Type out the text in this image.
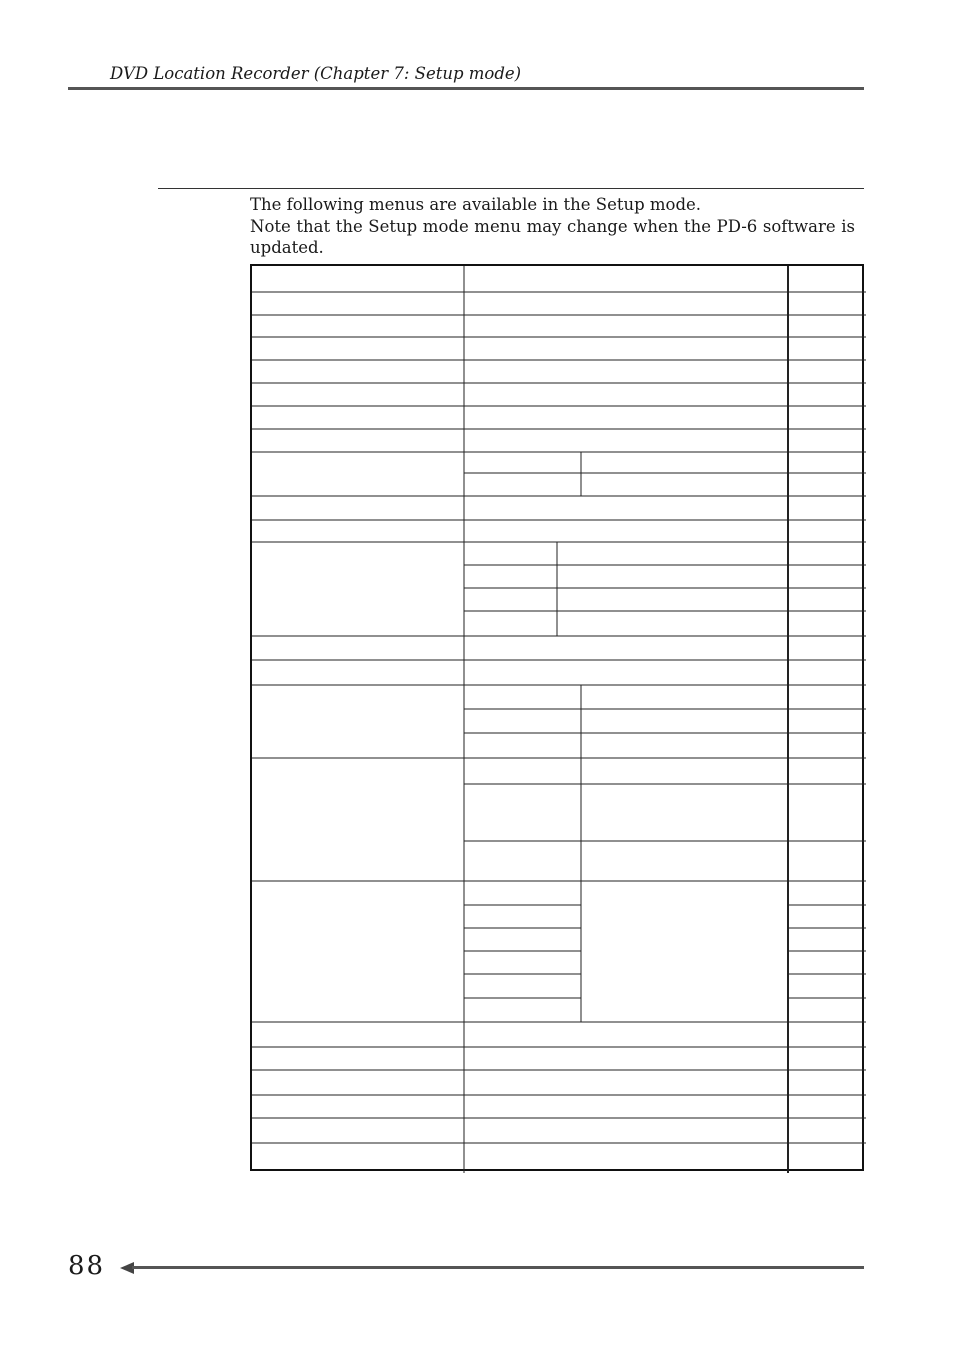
DVD Location Recorder (Chapter 7: Setup mode)

The following menus are available in the Setup mode.

Note that the Setup mode menu may change when the PD-6 software is updated.

88
